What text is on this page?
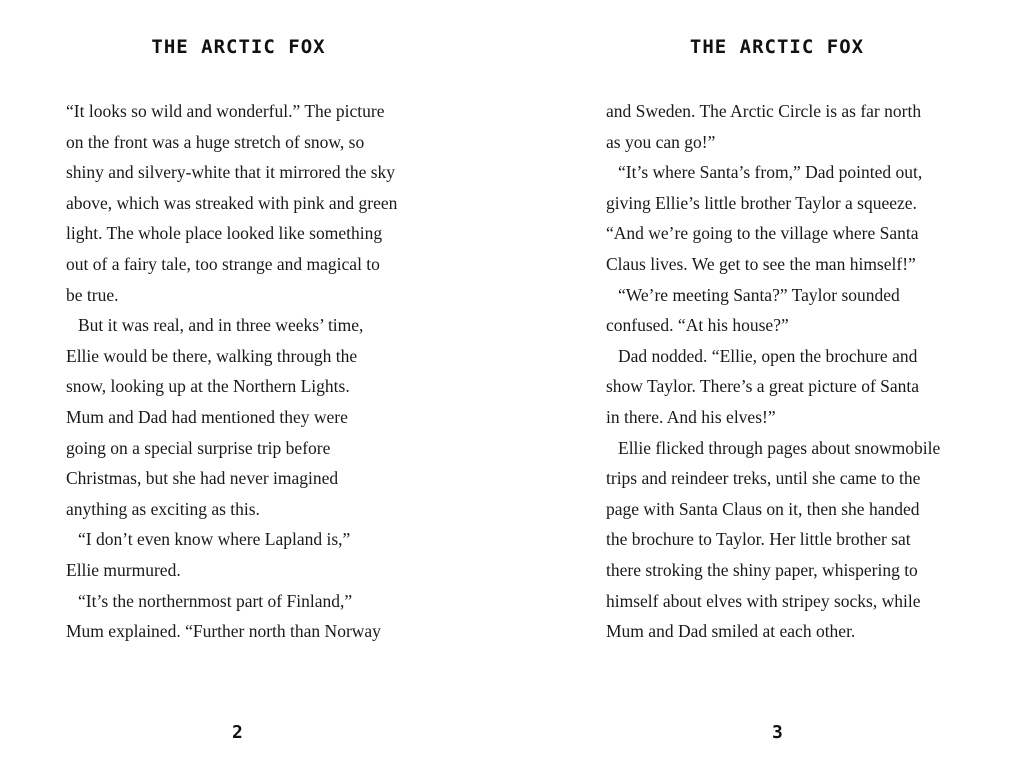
THE ARCTIC FOX
“It looks so wild and wonderful.” The picture
on the front was a huge stretch of snow, so
shiny and silvery-white that it mirrored the sky
above, which was streaked with pink and green
light. The whole place looked like something
out of a fairy tale, too strange and magical to
be true.
But it was real, and in three weeks’ time,
Ellie would be there, walking through the
snow, looking up at the Northern Lights.
Mum and Dad had mentioned they were
going on a special surprise trip before
Christmas, but she had never imagined
anything as exciting as this.
“I don’t even know where Lapland is,”
Ellie murmured.
“It’s the northernmost part of Finland,”
Mum explained. “Further north than Norway
2
THE ARCTIC FOX
and Sweden. The Arctic Circle is as far north
as you can go!”
“It’s where Santa’s from,” Dad pointed out,
giving Ellie’s little brother Taylor a squeeze.
“And we’re going to the village where Santa
Claus lives. We get to see the man himself!”
“We’re meeting Santa?” Taylor sounded
confused. “At his house?”
Dad nodded. “Ellie, open the brochure and
show Taylor. There’s a great picture of Santa
in there. And his elves!”
Ellie flicked through pages about snowmobile
trips and reindeer treks, until she came to the
page with Santa Claus on it, then she handed
the brochure to Taylor. Her little brother sat
there stroking the shiny paper, whispering to
himself about elves with stripey socks, while
Mum and Dad smiled at each other.
3
